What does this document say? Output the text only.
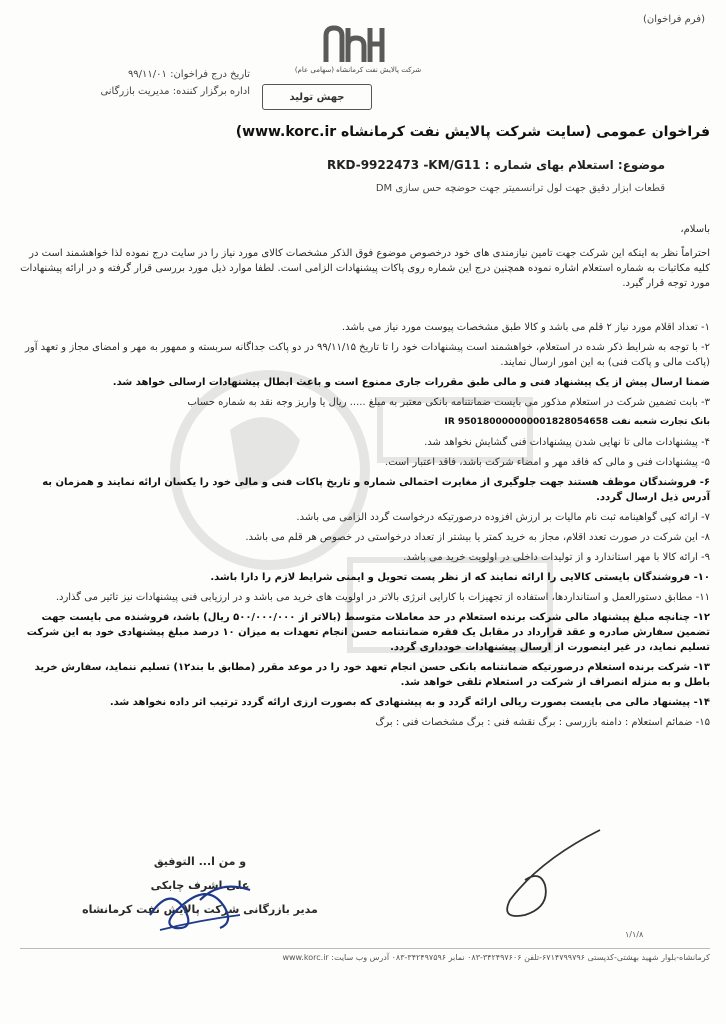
(فرم فراخوان)
شرکت پالایش نفت کرمانشاه (سهامی عام)
جهش تولید
تاریخ درج فراخوان: ۹۹/۱۱/۰۱
اداره برگزار کننده: مدیریت بازرگانی
فراخوان عمومی (سایت شرکت پالایش نفت کرمانشاه www.korc.ir)
موضوع: استعلام بهای شماره : RKD-9922473 -KM/G11
قطعات ابزار دقیق جهت لول ترانسمیتر جهت حوضچه حس سازی DM
باسلام،
احتراماً نظر به اینکه این شرکت جهت تامین نیازمندی های خود درخصوص موضوع فوق الذکر مشخصات کالای مورد نیاز را در سایت درج نموده لذا خواهشمند است در کلیه مکاتبات به شماره استعلام اشاره نموده همچنین درج این شماره روی پاکات پیشنهادات الزامی است. لطفا موارد ذیل مورد بررسی قرار گرفته و در ارائه پیشنهادات مورد توجه قرار گیرد.

۱- تعداد اقلام مورد نیاز ۲ قلم می باشد و کالا طبق مشخصات پیوست مورد نیاز می باشد.

۲- با توجه به شرایط ذکر شده در استعلام، خواهشمند است پیشنهادات خود را تا تاریخ ۹۹/۱۱/۱۵ در دو پاکت جداگانه سربسته و ممهور به مهر و امضای مجاز و تعهد آور (پاکت مالی و پاکت فنی) به این امور ارسال نمایند.

ضمنا ارسال پیش از یک پیشنهاد فنی و مالی طبق مقررات جاری ممنوع است و باعث ابطال پیشنهادات ارسالی خواهد شد.

۳- بابت تضمین شرکت در استعلام مذکور می بایست ضمانتنامه بانکی معتبر به مبلغ ..... ریال یا واریز وجه نقد به شماره حساب

IR 950180000000001828054658 بانک تجارت شعبه نفت

۴- پیشنهادات مالی تا نهایی شدن پیشنهادات فنی گشایش نخواهد شد.

۵- پیشنهادات فنی و مالی که فاقد مهر و امضاء شرکت باشد، فاقد اعتبار است.

۶- فروشندگان موظف هستند جهت جلوگیری از مغایرت احتمالی شماره و تاریخ پاکات فنی و مالی خود را یکسان ارائه نمایند و همزمان به آدرس ذیل ارسال گردد.

۷- ارائه کپی گواهینامه ثبت نام مالیات بر ارزش افزوده درصورتیکه درخواست گردد الزامی می باشد.

۸- این شرکت در صورت تعدد اقلام، مجاز به خرید کمتر یا بیشتر از تعداد درخواستی در خصوص هر قلم می باشد.

۹- ارائه کالا با مهر استاندارد و از تولیدات داخلی در اولویت خرید می باشد.

۱۰- فروشندگان بایستی کالایی را ارائه نمایند که از نظر پست تحویل و ایمنی شرایط لازم را دارا باشد.

۱۱- مطابق دستورالعمل و استانداردها، استفاده از تجهیزات با کارایی انرژی بالاتر در اولویت های خرید می باشد و در ارزیابی فنی پیشنهادات نیز تاثیر می گذارد.

۱۲- چنانچه مبلغ پیشنهاد مالی شرکت برنده استعلام در حد معاملات متوسط (بالاتر از ۵۰۰/۰۰۰/۰۰۰ ریال) باشد، فروشنده می بایست جهت تضمین سفارش صادره و عقد قرارداد در مقابل یک فقره ضمانتنامه حسن انجام تعهدات به میزان ۱۰ درصد مبلغ پیشنهادی خود به این شرکت تسلیم نماید، در غیر اینصورت از ارسال پیشنهادات خودداری گردد.

۱۳- شرکت برنده استعلام درصورتیکه ضمانتنامه بانکی حسن انجام تعهد خود را در موعد مقرر (مطابق با بند۱۲) تسلیم ننماید، سفارش خرید باطل و به منزله انصراف از شرکت در استعلام تلقی خواهد شد.

۱۴- پیشنهاد مالی می بایست بصورت ریالی ارائه گردد و به پیشنهادی که بصورت ارزی ارائه گردد ترتیب اثر داده نخواهد شد.

۱۵- ضمائم استعلام : دامنه بازرسی : برگ نقشه فنی : برگ مشخصات فنی : برگ

و من ا... التوفیق
علی اشرف چابکی
مدیر بازرگانی شرکت پالایش نفت کرمانشاه
۱/۱/۸
کرمانشاه-بلوار شهید بهشتی-کدپستی ۶۷۱۴۷۹۹۷۹۶-تلفن ۳۴۲۴۹۷۶۰۶-۰۸۳ نمابر ۳۴۲۴۹۷۵۹۶-۰۸۳ آدرس وب سایت: www.korc.ir
